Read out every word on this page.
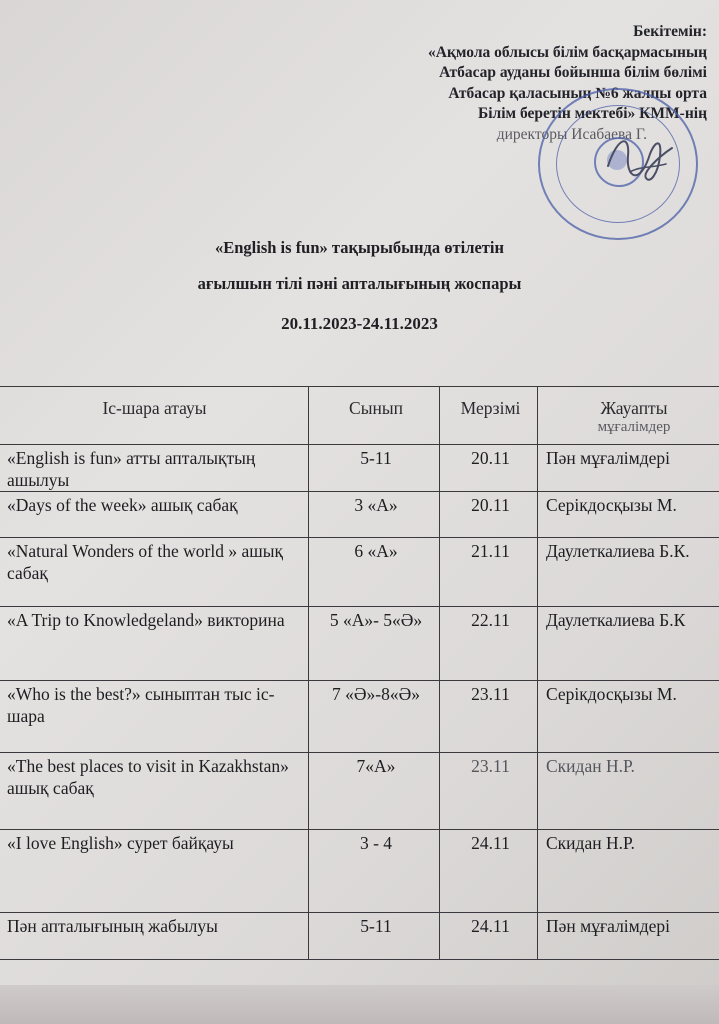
Бекітемін:
«Ақмола облысы білім басқармасының
Атбасар ауданы бойынша білім бөлімі
Атбасар қаласының №6 жалпы орта
Білім беретін мектебі» КММ-нің
директоры Исабаева Г.
«English is fun» тақырыбында өтілетін
ағылшын тілі пәні апталығының жоспары
20.11.2023-24.11.2023
Іс-шара атауы	Сынып	Мерзімі	Жауапты
мұғалімдер

«English is fun» атты апталықтың ашылуы	5-11	20.11	Пән мұғалімдері
«Days of the week» ашық сабақ	3 «А»	20.11	Серікдосқызы М.
«Natural Wonders of the world » ашық сабақ	6 «А»	21.11	Даулеткалиева Б.К.
«A Trip to Knowledgeland» викторина	5 «А»- 5«Ә»	22.11	Даулеткалиева Б.К
«Who is the best?» сыныптан тыс іс-шара	7 «Ә»-8«Ә»	23.11	Серікдосқызы М.
«The best places to visit in Kazakhstan» ашық сабақ	7«А»	23.11	Скидан Н.Р.
«I love English» сурет байқауы	3 - 4	24.11	Скидан Н.Р.
Пән апталығының жабылуы	5-11	24.11	Пән мұғалімдері
